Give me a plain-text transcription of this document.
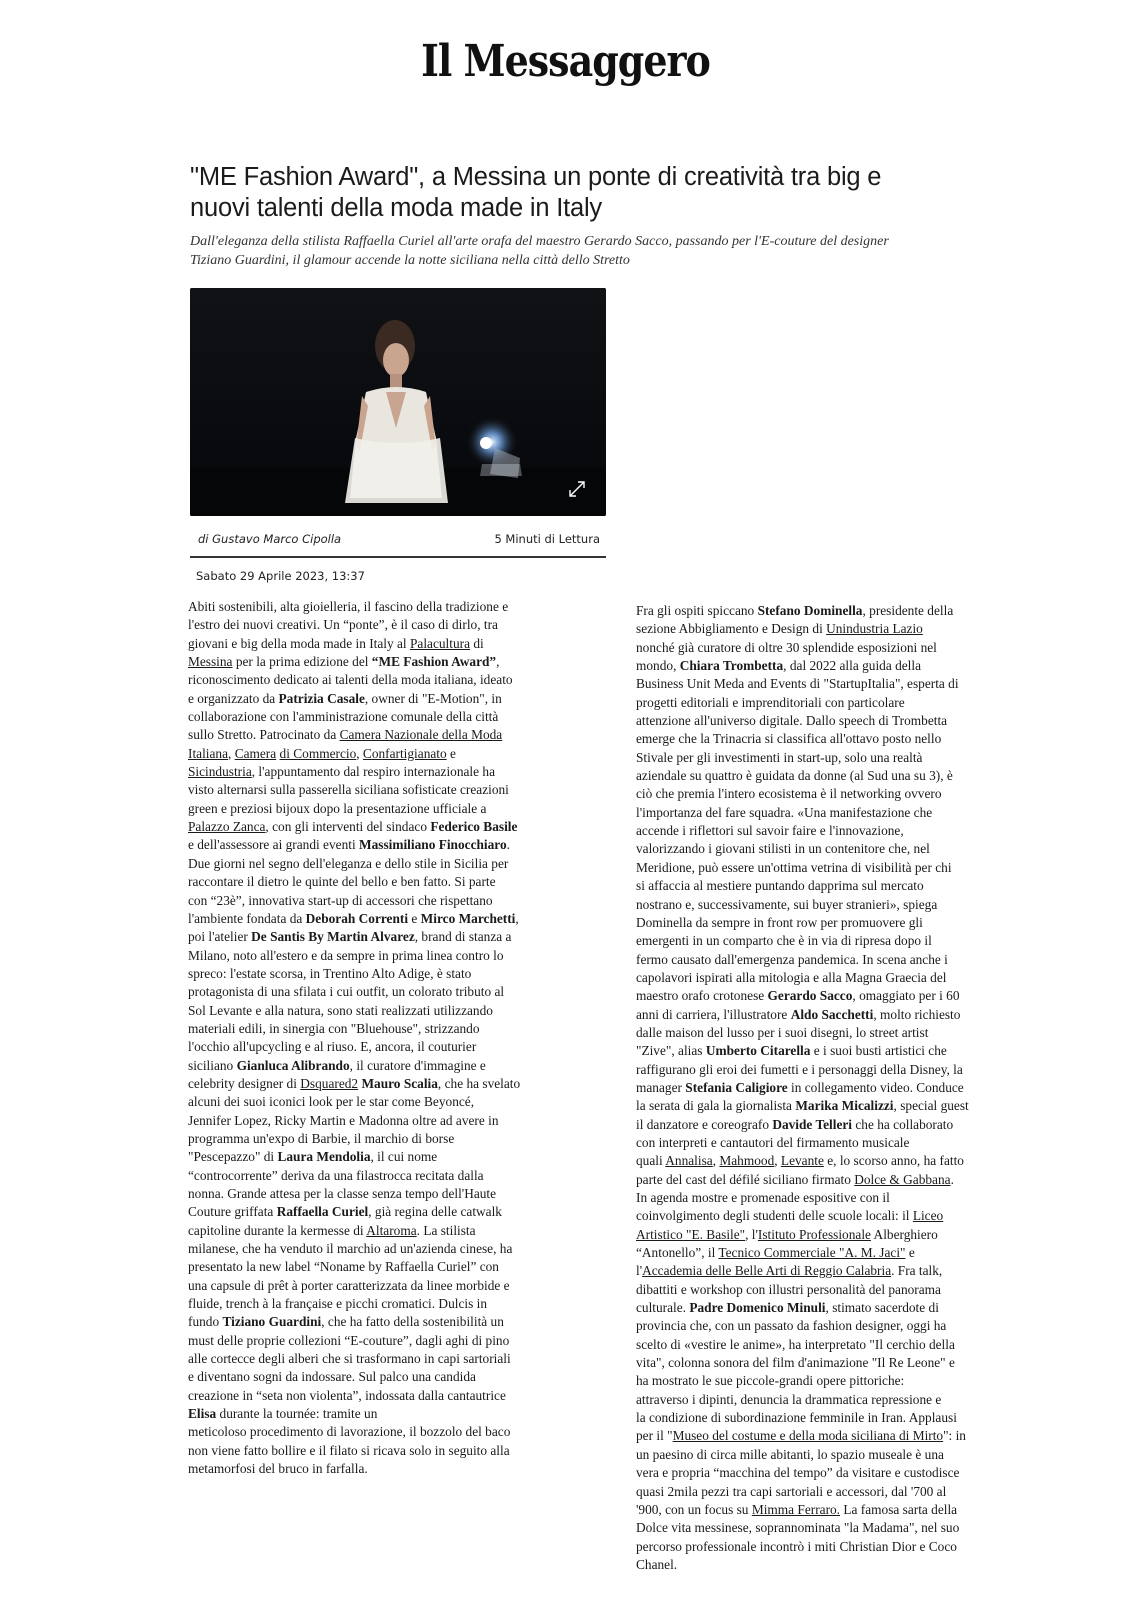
Il Messaggero
"ME Fashion Award", a Messina un ponte di creatività tra big e nuovi talenti della moda made in Italy
Dall'eleganza della stilista Raffaella Curiel all'arte orafa del maestro Gerardo Sacco, passando per l'E-couture del designer Tiziano Guardini, il glamour accende la notte siciliana nella città dello Stretto
di Gustavo Marco Cipolla	5 Minuti di Lettura
Sabato 29 Aprile 2023, 13:37
Abiti sostenibili, alta gioielleria, il fascino della tradizione e
l'estro dei nuovi creativi. Un “ponte”, è il caso di dirlo, tra
giovani e big della moda made in Italy al Palacultura di
Messina per la prima edizione del “ME Fashion Award”,
riconoscimento dedicato ai talenti della moda italiana, ideato
e organizzato da Patrizia Casale, owner di "E-Motion", in
collaborazione con l'amministrazione comunale della città
sullo Stretto. Patrocinato da Camera Nazionale della Moda
Italiana, Camera di Commercio, Confartigianato e
Sicindustria, l'appuntamento dal respiro internazionale ha
visto alternarsi sulla passerella siciliana sofisticate creazioni
green e preziosi bijoux dopo la presentazione ufficiale a
Palazzo Zanca, con gli interventi del sindaco Federico Basile
e dell'assessore ai grandi eventi Massimiliano Finocchiaro.
Due giorni nel segno dell'eleganza e dello stile in Sicilia per
raccontare il dietro le quinte del bello e ben fatto. Si parte
con “23è”, innovativa start-up di accessori che rispettano
l'ambiente fondata da Deborah Correnti e Mirco Marchetti,
poi l'atelier De Santis By Martin Alvarez, brand di stanza a
Milano, noto all'estero e da sempre in prima linea contro lo
spreco: l'estate scorsa, in Trentino Alto Adige, è stato
protagonista di una sfilata i cui outfit, un colorato tributo al
Sol Levante e alla natura, sono stati realizzati utilizzando
materiali edili, in sinergia con "Bluehouse", strizzando
l'occhio all'upcycling e al riuso. E, ancora, il couturier
siciliano Gianluca Alibrando, il curatore d'immagine e
celebrity designer di Dsquared2 Mauro Scalia, che ha svelato
alcuni dei suoi iconici look per le star come Beyoncé,
Jennifer Lopez, Ricky Martin e Madonna oltre ad avere in
programma un'expo di Barbie, il marchio di borse
"Pescepazzo" di Laura Mendolia, il cui nome
“controcorrente” deriva da una filastrocca recitata dalla
nonna. Grande attesa per la classe senza tempo dell'Haute
Couture griffata Raffaella Curiel, già regina delle catwalk
capitoline durante la kermesse di Altaroma. La stilista
milanese, che ha venduto il marchio ad un'azienda cinese, ha
presentato la new label “Noname by Raffaella Curiel” con
una capsule di prêt à porter caratterizzata da linee morbide e
fluide, trench à la française e picchi cromatici. Dulcis in
fundo Tiziano Guardini, che ha fatto della sostenibilità un
must delle proprie collezioni “E-couture”, dagli aghi di pino
alle cortecce degli alberi che si trasformano in capi sartoriali
e diventano sogni da indossare. Sul palco una candida
creazione in “seta non violenta”, indossata dalla cantautrice
Elisa durante la tournée: tramite un
meticoloso procedimento di lavorazione, il bozzolo del baco
non viene fatto bollire e il filato si ricava solo in seguito alla
metamorfosi del bruco in farfalla.
Fra gli ospiti spiccano Stefano Dominella, presidente della
sezione Abbigliamento e Design di Unindustria Lazio
nonché già curatore di oltre 30 splendide esposizioni nel
mondo, Chiara Trombetta, dal 2022 alla guida della
Business Unit Meda and Events di "StartupItalia", esperta di
progetti editoriali e imprenditoriali con particolare
attenzione all'universo digitale. Dallo speech di Trombetta
emerge che la Trinacria si classifica all'ottavo posto nello
Stivale per gli investimenti in start-up, solo una realtà
aziendale su quattro è guidata da donne (al Sud una su 3), è
ciò che premia l'intero ecosistema è il networking ovvero
l'importanza del fare squadra. «Una manifestazione che
accende i riflettori sul savoir faire e l'innovazione,
valorizzando i giovani stilisti in un contenitore che, nel
Meridione, può essere un'ottima vetrina di visibilità per chi
si affaccia al mestiere puntando dapprima sul mercato
nostrano e, successivamente, sui buyer stranieri», spiega
Dominella da sempre in front row per promuovere gli
emergenti in un comparto che è in via di ripresa dopo il
fermo causato dall'emergenza pandemica. In scena anche i
capolavori ispirati alla mitologia e alla Magna Graecia del
maestro orafo crotonese Gerardo Sacco, omaggiato per i 60
anni di carriera, l'illustratore Aldo Sacchetti, molto richiesto
dalle maison del lusso per i suoi disegni, lo street artist
"Zive", alias Umberto Citarella e i suoi busti artistici che
raffigurano gli eroi dei fumetti e i personaggi della Disney, la
manager Stefania Caligiore in collegamento video. Conduce
la serata di gala la giornalista Marika Micalizzi, special guest
il danzatore e coreografo Davide Telleri che ha collaborato
con interpreti e cantautori del firmamento musicale
quali Annalisa, Mahmood, Levante e, lo scorso anno, ha fatto
parte del cast del défilé siciliano firmato Dolce & Gabbana.
In agenda mostre e promenade espositive con il
coinvolgimento degli studenti delle scuole locali: il Liceo
Artistico "E. Basile", l'Istituto Professionale Alberghiero
“Antonello”, il Tecnico Commerciale "A. M. Jaci" e
l'Accademia delle Belle Arti di Reggio Calabria. Fra talk,
dibattiti e workshop con illustri personalità del panorama
culturale. Padre Domenico Minuli, stimato sacerdote di
provincia che, con un passato da fashion designer, oggi ha
scelto di «vestire le anime», ha interpretato "Il cerchio della
vita", colonna sonora del film d'animazione "Il Re Leone" e
ha mostrato le sue piccole-grandi opere pittoriche:
attraverso i dipinti, denuncia la drammatica repressione e
la condizione di subordinazione femminile in Iran. Applausi
per il "Museo del costume e della moda siciliana di Mirto": in
un paesino di circa mille abitanti, lo spazio museale è una
vera e propria “macchina del tempo” da visitare e custodisce
quasi 2mila pezzi tra capi sartoriali e accessori, dal '700 al
'900, con un focus su Mimma Ferraro. La famosa sarta della
Dolce vita messinese, soprannominata "la Madama", nel suo
percorso professionale incontrò i miti Christian Dior e Coco
Chanel.
